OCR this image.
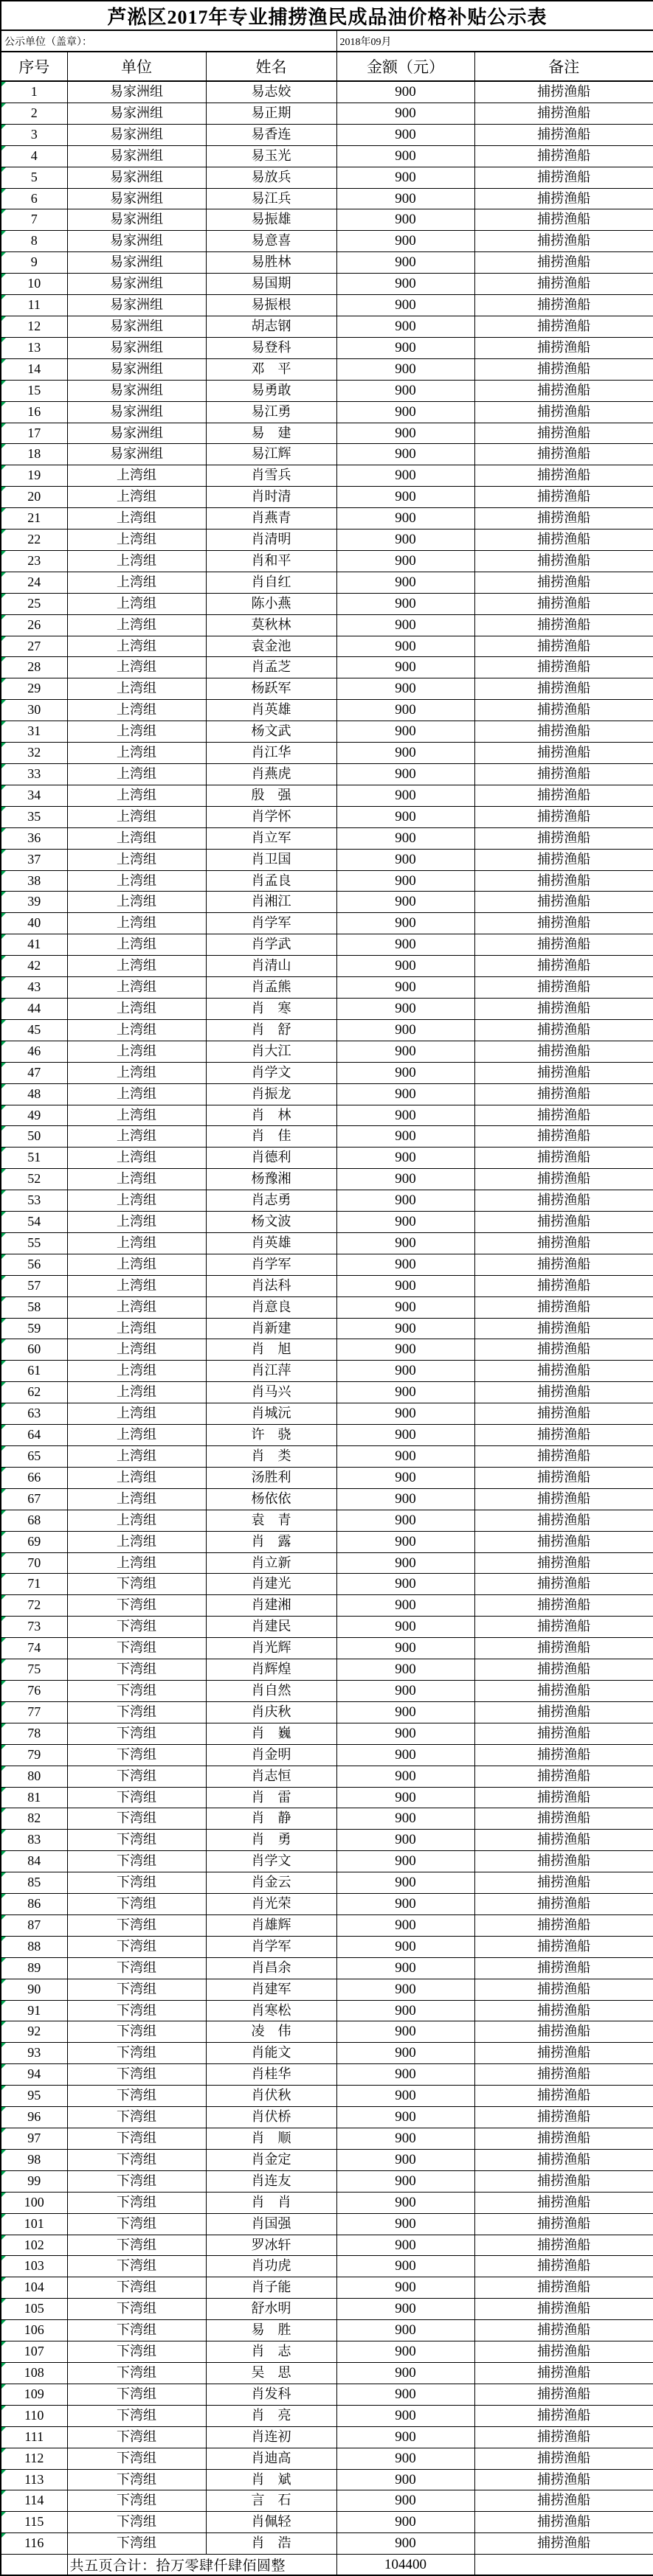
芦淞区2017年专业捕捞渔民成品油价格补贴公示表				
公示单位（盖章）：			2018年09月	
序号	单位	姓名	金额（元）	备注
1	易家洲组	易志姣	900	捕捞渔船
2	易家洲组	易正期	900	捕捞渔船
3	易家洲组	易香连	900	捕捞渔船
4	易家洲组	易玉光	900	捕捞渔船
5	易家洲组	易放兵	900	捕捞渔船
6	易家洲组	易江兵	900	捕捞渔船
7	易家洲组	易振雄	900	捕捞渔船
8	易家洲组	易意喜	900	捕捞渔船
9	易家洲组	易胜林	900	捕捞渔船
10	易家洲组	易国期	900	捕捞渔船
11	易家洲组	易振根	900	捕捞渔船
12	易家洲组	胡志钢	900	捕捞渔船
13	易家洲组	易登科	900	捕捞渔船
14	易家洲组	邓　平	900	捕捞渔船
15	易家洲组	易勇敢	900	捕捞渔船
16	易家洲组	易江勇	900	捕捞渔船
17	易家洲组	易　建	900	捕捞渔船
18	易家洲组	易江辉	900	捕捞渔船
19	上湾组	肖雪兵	900	捕捞渔船
20	上湾组	肖时清	900	捕捞渔船
21	上湾组	肖燕青	900	捕捞渔船
22	上湾组	肖清明	900	捕捞渔船
23	上湾组	肖和平	900	捕捞渔船
24	上湾组	肖自红	900	捕捞渔船
25	上湾组	陈小燕	900	捕捞渔船
26	上湾组	莫秋林	900	捕捞渔船
27	上湾组	袁金池	900	捕捞渔船
28	上湾组	肖孟芝	900	捕捞渔船
29	上湾组	杨跃军	900	捕捞渔船
30	上湾组	肖英雄	900	捕捞渔船
31	上湾组	杨文武	900	捕捞渔船
32	上湾组	肖江华	900	捕捞渔船
33	上湾组	肖燕虎	900	捕捞渔船
34	上湾组	殷　强	900	捕捞渔船
35	上湾组	肖学怀	900	捕捞渔船
36	上湾组	肖立军	900	捕捞渔船
37	上湾组	肖卫国	900	捕捞渔船
38	上湾组	肖孟良	900	捕捞渔船
39	上湾组	肖湘江	900	捕捞渔船
40	上湾组	肖学军	900	捕捞渔船
41	上湾组	肖学武	900	捕捞渔船
42	上湾组	肖清山	900	捕捞渔船
43	上湾组	肖孟熊	900	捕捞渔船
44	上湾组	肖　寒	900	捕捞渔船
45	上湾组	肖　舒	900	捕捞渔船
46	上湾组	肖大江	900	捕捞渔船
47	上湾组	肖学文	900	捕捞渔船
48	上湾组	肖振龙	900	捕捞渔船
49	上湾组	肖　林	900	捕捞渔船
50	上湾组	肖　佳	900	捕捞渔船
51	上湾组	肖德利	900	捕捞渔船
52	上湾组	杨豫湘	900	捕捞渔船
53	上湾组	肖志勇	900	捕捞渔船
54	上湾组	杨文波	900	捕捞渔船
55	上湾组	肖英雄	900	捕捞渔船
56	上湾组	肖学军	900	捕捞渔船
57	上湾组	肖法科	900	捕捞渔船
58	上湾组	肖意良	900	捕捞渔船
59	上湾组	肖新建	900	捕捞渔船
60	上湾组	肖　旭	900	捕捞渔船
61	上湾组	肖江萍	900	捕捞渔船
62	上湾组	肖马兴	900	捕捞渔船
63	上湾组	肖城沅	900	捕捞渔船
64	上湾组	许　骁	900	捕捞渔船
65	上湾组	肖　类	900	捕捞渔船
66	上湾组	汤胜利	900	捕捞渔船
67	上湾组	杨依依	900	捕捞渔船
68	上湾组	袁　青	900	捕捞渔船
69	上湾组	肖　露	900	捕捞渔船
70	上湾组	肖立新	900	捕捞渔船
71	下湾组	肖建光	900	捕捞渔船
72	下湾组	肖建湘	900	捕捞渔船
73	下湾组	肖建民	900	捕捞渔船
74	下湾组	肖光辉	900	捕捞渔船
75	下湾组	肖辉煌	900	捕捞渔船
76	下湾组	肖自然	900	捕捞渔船
77	下湾组	肖庆秋	900	捕捞渔船
78	下湾组	肖　巍	900	捕捞渔船
79	下湾组	肖金明	900	捕捞渔船
80	下湾组	肖志恒	900	捕捞渔船
81	下湾组	肖　雷	900	捕捞渔船
82	下湾组	肖　静	900	捕捞渔船
83	下湾组	肖　勇	900	捕捞渔船
84	下湾组	肖学文	900	捕捞渔船
85	下湾组	肖金云	900	捕捞渔船
86	下湾组	肖光荣	900	捕捞渔船
87	下湾组	肖雄辉	900	捕捞渔船
88	下湾组	肖学军	900	捕捞渔船
89	下湾组	肖昌余	900	捕捞渔船
90	下湾组	肖建军	900	捕捞渔船
91	下湾组	肖寒松	900	捕捞渔船
92	下湾组	凌　伟	900	捕捞渔船
93	下湾组	肖能文	900	捕捞渔船
94	下湾组	肖桂华	900	捕捞渔船
95	下湾组	肖伏秋	900	捕捞渔船
96	下湾组	肖伏桥	900	捕捞渔船
97	下湾组	肖　顺	900	捕捞渔船
98	下湾组	肖金定	900	捕捞渔船
99	下湾组	肖连友	900	捕捞渔船
100	下湾组	肖　肖	900	捕捞渔船
101	下湾组	肖国强	900	捕捞渔船
102	下湾组	罗冰轩	900	捕捞渔船
103	下湾组	肖功虎	900	捕捞渔船
104	下湾组	肖子能	900	捕捞渔船
105	下湾组	舒水明	900	捕捞渔船
106	下湾组	易　胜	900	捕捞渔船
107	下湾组	肖　志	900	捕捞渔船
108	下湾组	吴　思	900	捕捞渔船
109	下湾组	肖发科	900	捕捞渔船
110	下湾组	肖　亮	900	捕捞渔船
111	下湾组	肖连初	900	捕捞渔船
112	下湾组	肖迪高	900	捕捞渔船
113	下湾组	肖　斌	900	捕捞渔船
114	下湾组	言　石	900	捕捞渔船
115	下湾组	肖佩轻	900	捕捞渔船
116	下湾组	肖　浩	900	捕捞渔船
	共五页合计：拾万零肆仟肆佰圆整		104400	
